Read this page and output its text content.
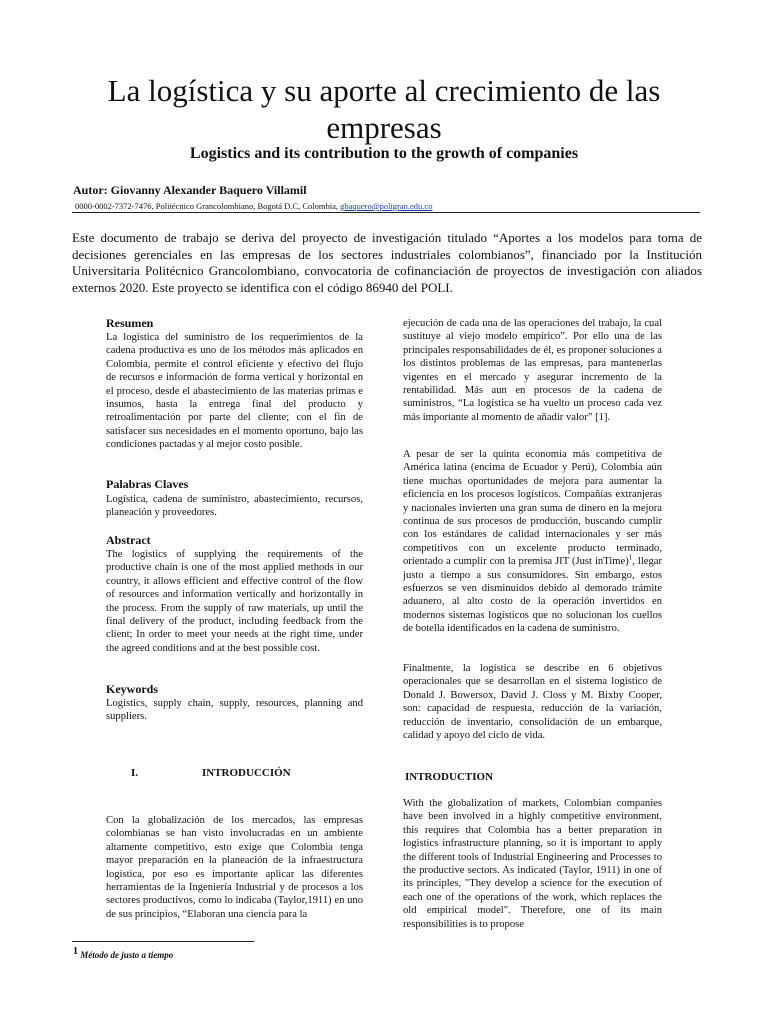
La logística y su aporte al crecimiento de las empresas
Logistics and its contribution to the growth of companies
Autor: Giovanny Alexander Baquero Villamil
0000-0002-7372-7476, Politécnico Grancolombiano, Bogotá D.C, Colombia, gbaquero@poligran.edu.co
Este documento de trabajo se deriva del proyecto de investigación titulado “Aportes a los modelos para toma de decisiones gerenciales en las empresas de los sectores industriales colombianos”, financiado por la Institución Universitaria Politécnico Grancolombiano, convocatoria de cofinanciación de proyectos de investigación con aliados externos 2020. Este proyecto se identifica con el código 86940 del POLI.
Resumen
La logística del suministro de los requerimientos de la cadena productiva es uno de los métodos más aplicados en Colombia, permite el control eficiente y efectivo del flujo de recursos e información de forma vertical y horizontal en el proceso, desde el abastecimiento de las materias primas e insumos, hasta la entrega final del producto y retroalimentación por parte del cliente; con el fin de satisfacer sus necesidades en el momento oportuno, bajo las condiciones pactadas y al mejor costo posible.
Palabras Claves
Logística, cadena de suministro, abastecimiento, recursos, planeación y proveedores.
Abstract
The logistics of supplying the requirements of the productive chain is one of the most applied methods in our country, it allows efficient and effective control of the flow of resources and information vertically and horizontally in the process. From the supply of raw materials, up until the final delivery of the product, including feedback from the client; In order to meet your needs at the right time, under the agreed conditions and at the best possible cost.
Keywords
Logistics, supply chain, supply, resources, planning and suppliers.
I.	INTRODUCCIÓN
Con la globalización de los mercados, las empresas colombianas se han visto involucradas en un ambiente altamente competitivo, esto exige que Colombia tenga mayor preparación en la planeación de la infraestructura logística, por eso es importante aplicar las diferentes herramientas de la Ingeniería Industrial y de procesos a los sectores productivos, como lo indicaba (Taylor,1911) en uno de sus principios, “Elaboran una ciencia para la
ejecución de cada una de las operaciones del trabajo, la cual sustituye al viejo modelo empírico”. Por ello una de las principales responsabilidades de él, es proponer soluciones a los distintos problemas de las empresas, para mantenerlas vigentes en el mercado y asegurar incremento de la rentabilidad. Más aun en procesos de la cadena de suministros, “La logística se ha vuelto un proceso cada vez más importante al momento de añadir valor” [1].
A pesar de ser la quinta economía más competitiva de América latina (encima de Ecuador y Perú), Colombia aún tiene muchas oportunidades de mejora para aumentar la eficiencia en los procesos logísticos. Compañías extranjeras y nacionales invierten una gran suma de dinero en la mejora continua de sus procesos de producción, buscando cumplir con los estándares de calidad internacionales y ser más competitivos con un excelente producto terminado, orientado a cumplir con la premisa JIT (Just inTime)$^1$, llegar justo a tiempo a sus consumidores. Sin embargo, estos esfuerzos se ven disminuidos debido al demorado trámite aduanero, al alto costo de la operación invertidos en modernos sistemas logísticos que no solucionan los cuellos de botella identificados en la cadena de suministro.
Finalmente, la logística se describe en 6 objetivos operacionales que se desarrollan en el sistema logístico de Donald J. Bowersox, David J. Closs y M. Bixby Cooper, son: capacidad de respuesta, reducción de la variación, reducción de inventario, consolidación de un embarque, calidad y apoyo del ciclo de vida.
INTRODUCTION
With the globalization of markets, Colombian companies have been involved in a highly competitive environment, this requires that Colombia has a better preparation in logistics infrastructure planning, so it is important to apply the different tools of Industrial Engineering and Processes to the productive sectors. As indicated (Taylor, 1911) in one of its principles, "They develop a science for the execution of each one of the operations of the work, which replaces the old empirical model". Therefore, one of its main responsibilities is to propose
$^1$ Método de justo a tiempo
